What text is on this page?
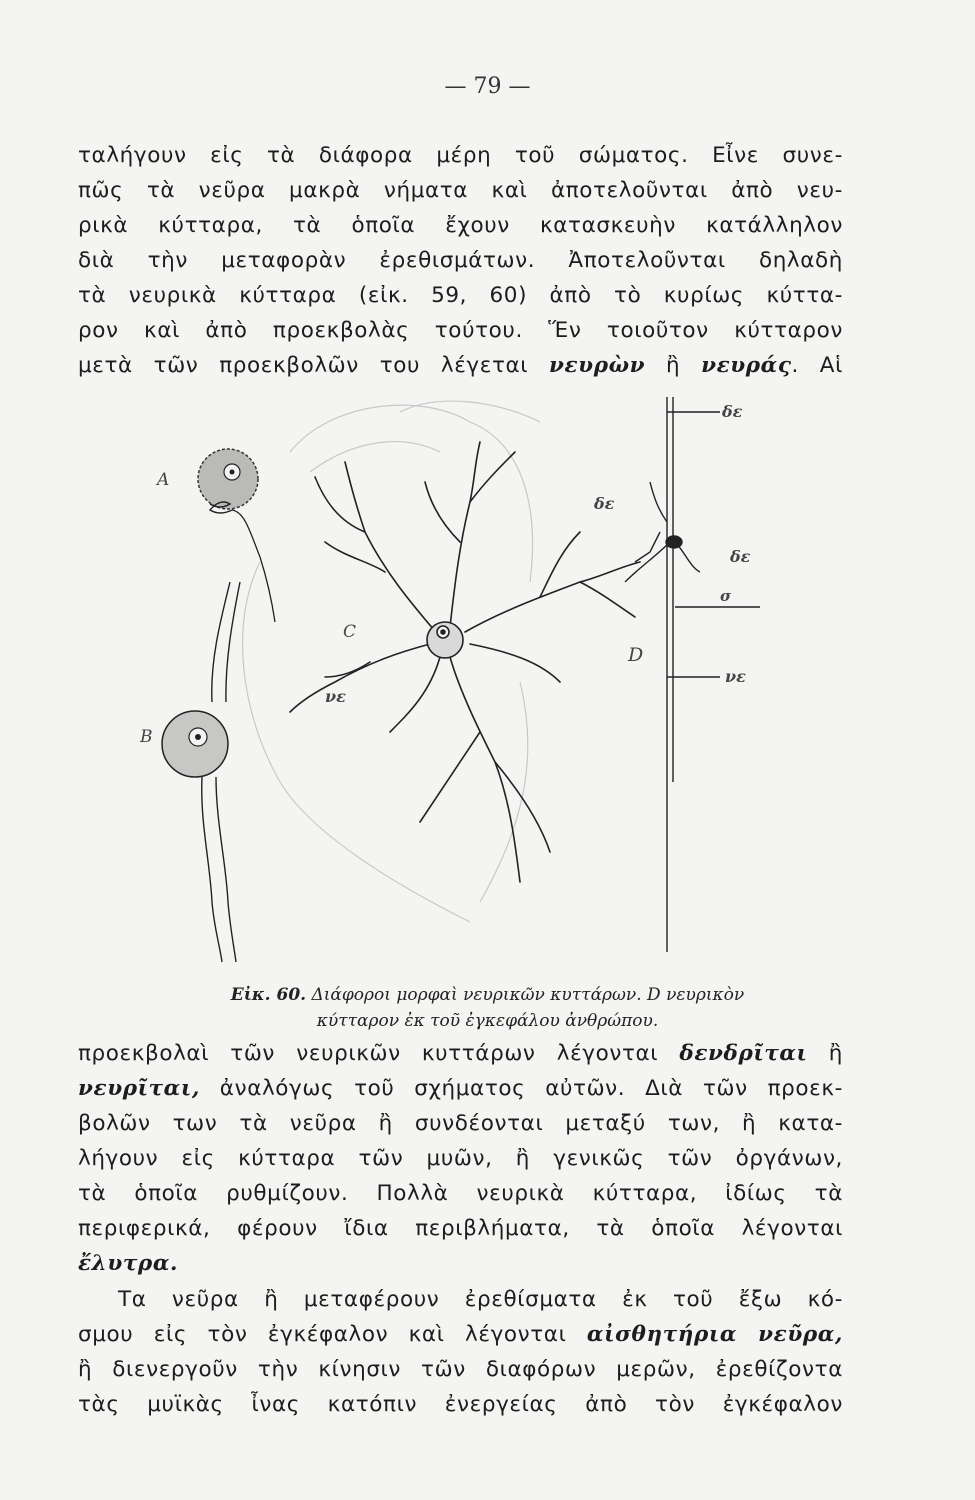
— 79 —
ταλήγουν εἰς τὰ διάφορα μέρη τοῦ σώματος. Εἶνε συνε-
πῶς τὰ νεῦρα μακρὰ νήματα καὶ ἀποτελοῦνται ἀπὸ νευ-
ρικὰ κύτταρα, τὰ ὁποῖα ἔχουν κατασκευὴν κατάλληλον
διὰ τὴν μεταφορὰν ἐρεθισμάτων. Ἀποτελοῦνται δηλαδὴ
τὰ νευρικὰ κύτταρα (εἰκ. 59, 60) ἀπὸ τὸ κυρίως κύττα-
ρον καὶ ἀπὸ προεκβολὰς τούτου. Ἕν τοιοῦτον κύτταρον
μετὰ τῶν προεκβολῶν του λέγεται νευρὼν ἢ νευράς. Αἱ
A
B
C
D
δε
δε
δε
νε
νε
σ
Εἰκ. 60. Διάφοροι μορφαὶ νευρικῶν κυττάρων. D νευρικὸν
κύτταρον ἐκ τοῦ ἐγκεφάλου ἀνθρώπου.
προεκβολαὶ τῶν νευρικῶν κυττάρων λέγονται δενδρῖται ἢ
νευρῖται, ἀναλόγως τοῦ σχήματος αὐτῶν. Διὰ τῶν προεκ-
βολῶν των τὰ νεῦρα ἢ συνδέονται μεταξύ των, ἢ κατα-
λήγουν εἰς κύτταρα τῶν μυῶν, ἢ γενικῶς τῶν ὀργάνων,
τὰ ὁποῖα ρυθμίζουν. Πολλὰ νευρικὰ κύτταρα, ἰδίως τὰ
περιφερικά, φέρουν ἴδια περιβλήματα, τὰ ὁποῖα λέγονται
ἔλυτρα.
Τα νεῦρα ἢ μεταφέρουν ἐρεθίσματα ἐκ τοῦ ἔξω κό-
σμου εἰς τὸν ἐγκέφαλον καὶ λέγονται αἰσθητήρια νεῦρα,
ἢ διενεργοῦν τὴν κίνησιν τῶν διαφόρων μερῶν, ἐρεθίζοντα
τὰς μυϊκὰς ἶνας κατόπιν ἐνεργείας ἀπὸ τὸν ἐγκέφαλον
